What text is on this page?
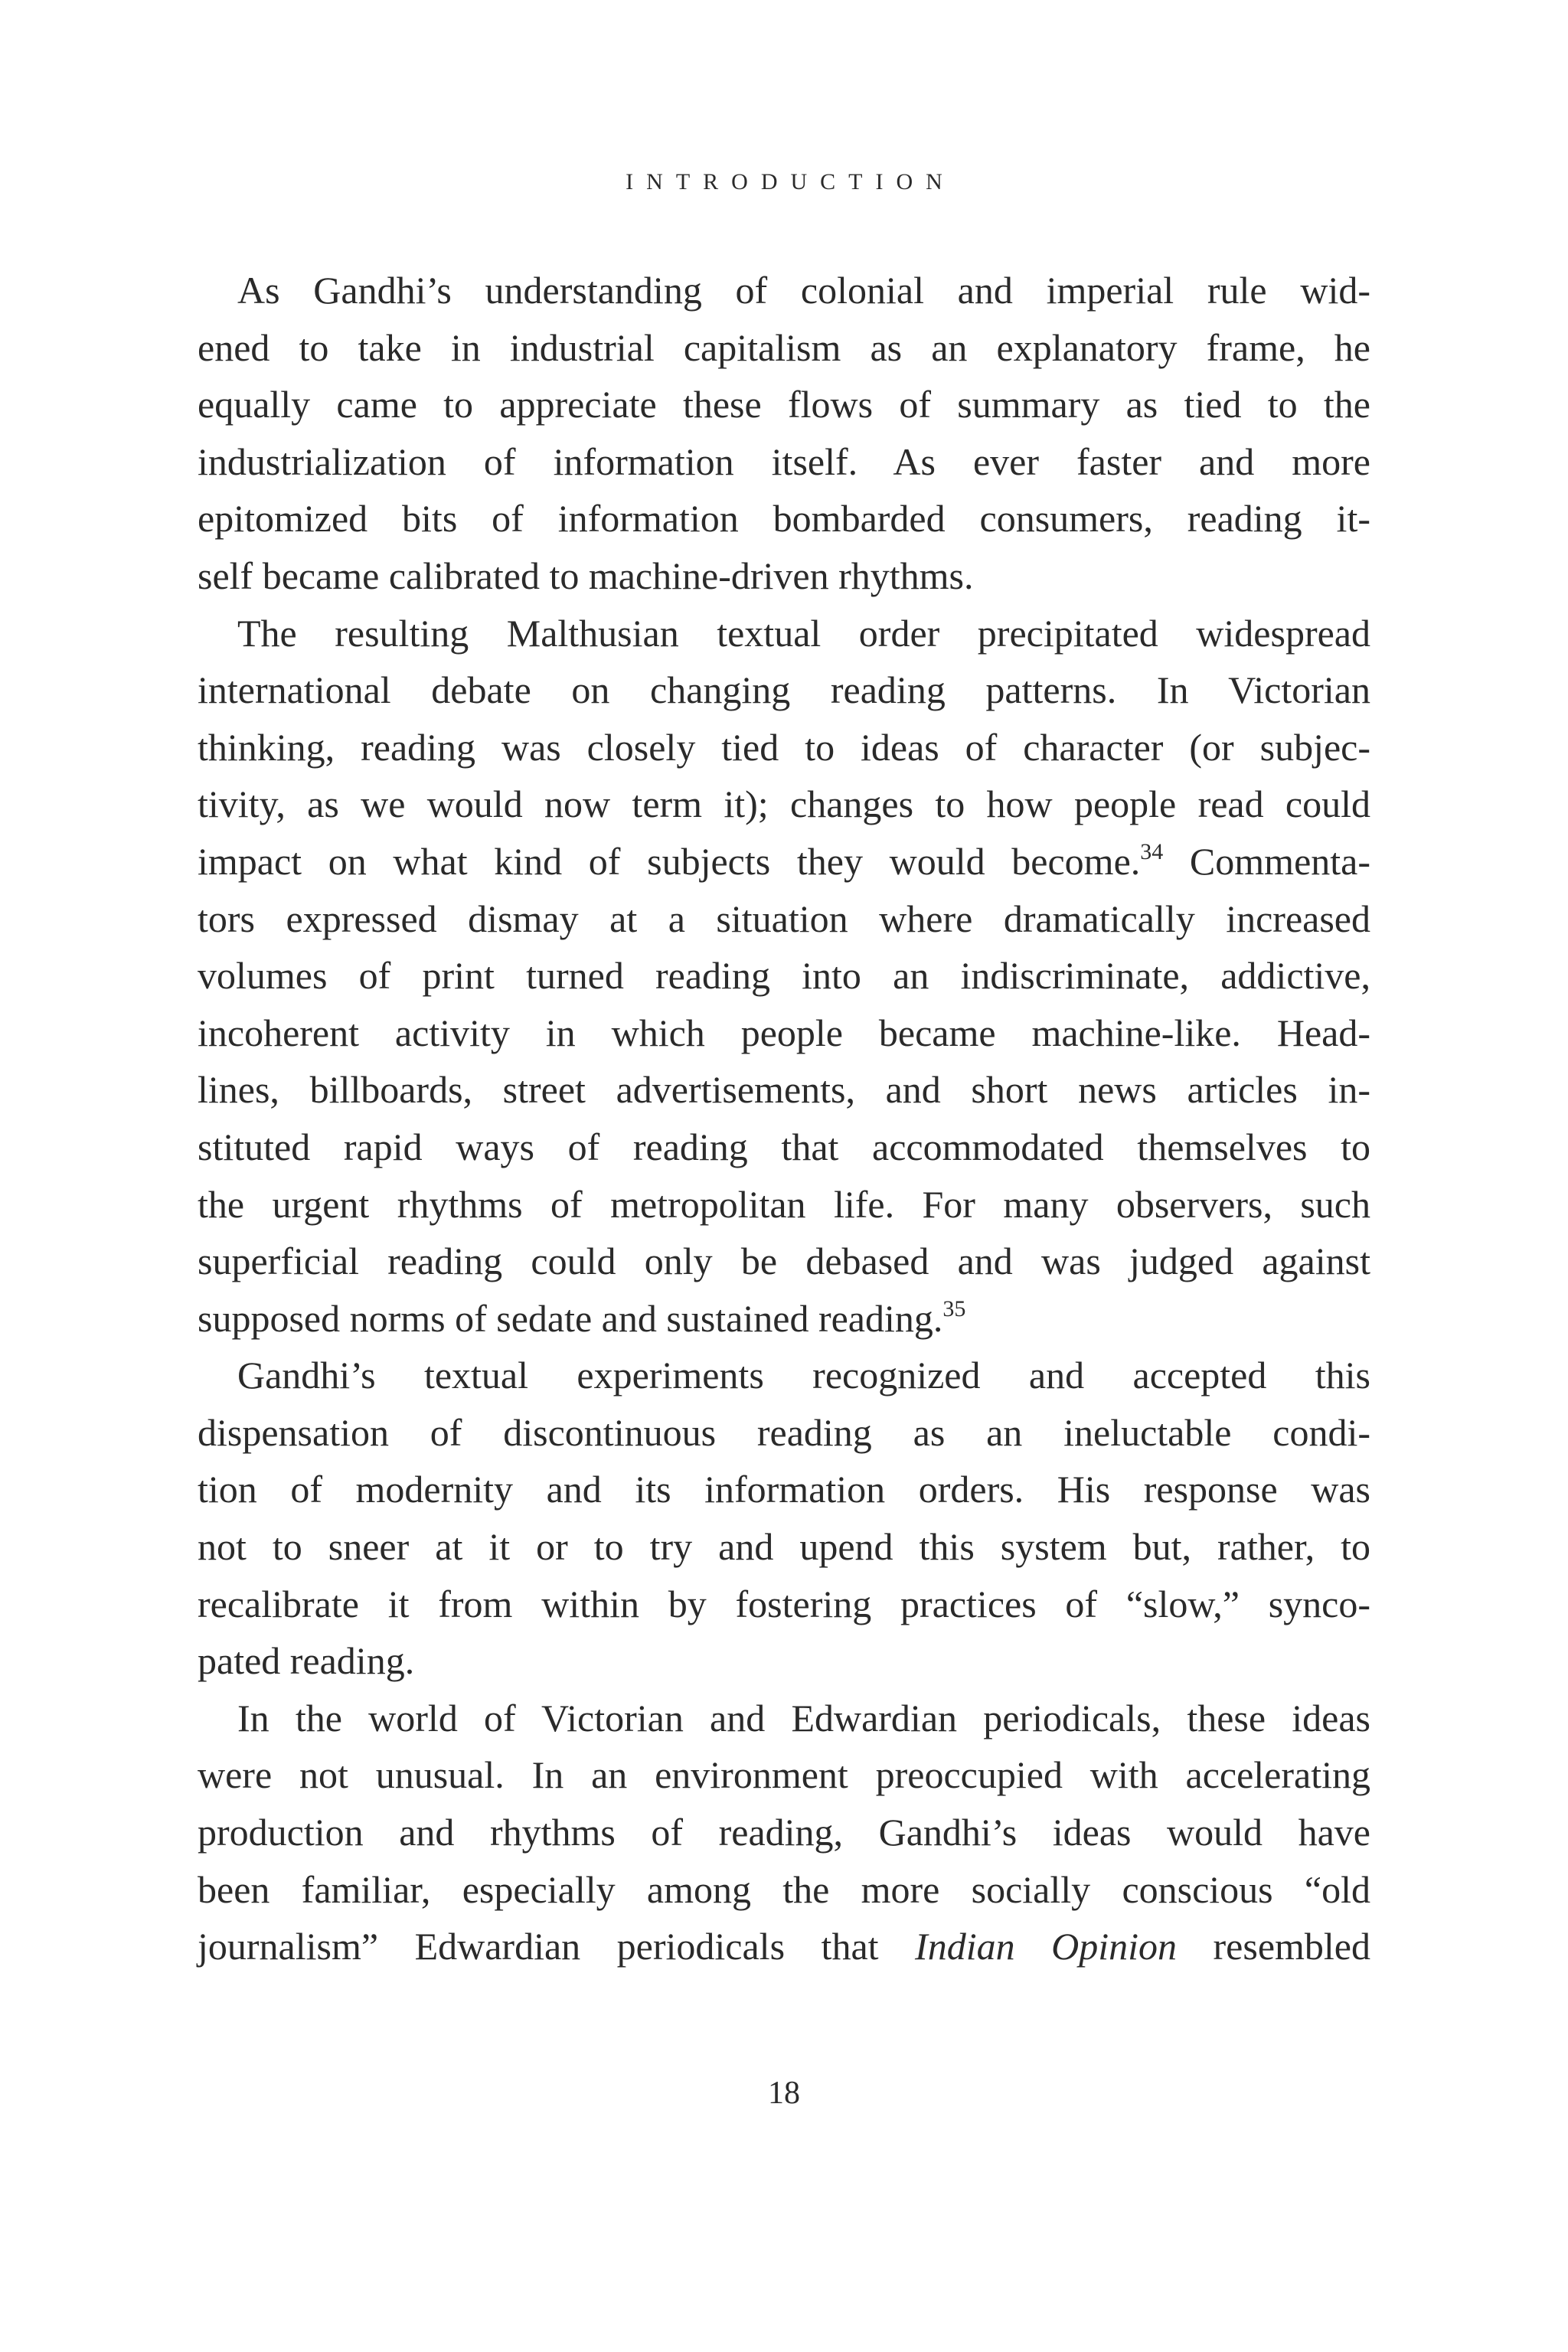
INTRODUCTION
As Gandhi’s understanding of colonial and imperial rule wid-
ened to take in industrial capitalism as an explanatory frame, he
equally came to appreciate these flows of summary as tied to the
industrialization of information itself. As ever faster and more
epitomized bits of information bombarded consumers, reading it-
self became calibrated to machine-driven rhythms.
The resulting Malthusian textual order precipitated widespread
international debate on changing reading patterns. In Victorian
thinking, reading was closely tied to ideas of character (or subjec-
tivity, as we would now term it); changes to how people read could
impact on what kind of subjects they would become.$^{34}$ Commenta-
tors expressed dismay at a situation where dramatically increased
volumes of print turned reading into an indiscriminate, addictive,
incoherent activity in which people became machine-like. Head-
lines, billboards, street advertisements, and short news articles in-
stituted rapid ways of reading that accommodated themselves to
the urgent rhythms of metropolitan life. For many observers, such
superficial reading could only be debased and was judged against
supposed norms of sedate and sustained reading.$^{35}$
Gandhi’s textual experiments recognized and accepted this
dispensation of discontinuous reading as an ineluctable condi-
tion of modernity and its information orders. His response was
not to sneer at it or to try and upend this system but, rather, to
recalibrate it from within by fostering practices of “slow,” synco-
pated reading.
In the world of Victorian and Edwardian periodicals, these ideas
were not unusual. In an environment preoccupied with accelerating
production and rhythms of reading, Gandhi’s ideas would have
been familiar, especially among the more socially conscious “old
journalism” Edwardian periodicals that Indian Opinion resembled
18
